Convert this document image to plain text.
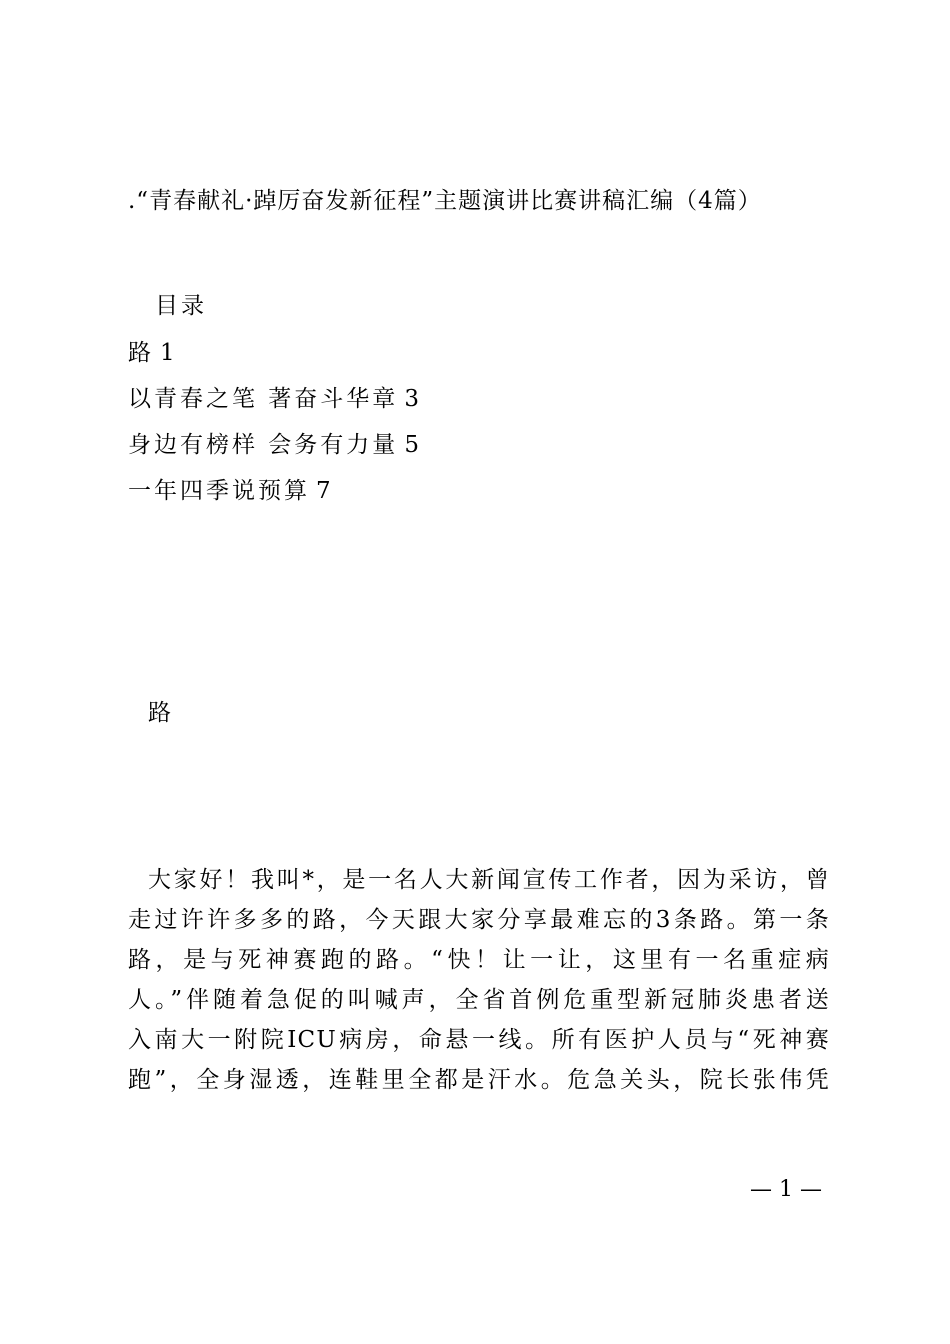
.“青春献礼·踔厉奋发新征程”主题演讲比赛讲稿汇编（4篇）
目录
路 1
以青春之笔 著奋斗华章 3
身边有榜样 会务有力量 5
一年四季说预算 7
路
大家好！我叫*，是一名人大新闻宣传工作者，因为采访，曾
走过许许多多的路，今天跟大家分享最难忘的3条路。第一条
路，是与死神赛跑的路。“快！让一让，这里有一名重症病
人。”伴随着急促的叫喊声，全省首例危重型新冠肺炎患者送
入南大一附院ICU病房，命悬一线。所有医护人员与“死神赛
跑”，全身湿透，连鞋里全都是汗水。危急关头，院长张伟凭
— 1 —
